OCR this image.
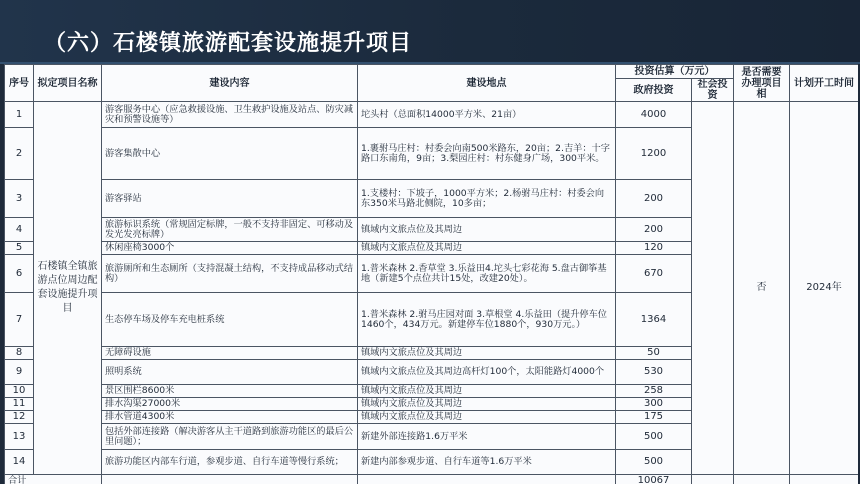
（六）石楼镇旅游配套设施提升项目
序号	拟定项目名称	建设内容	建设地点	投资估算（万元）		是否需要办理项目相	计划开工时间
				政府投资	社会投资		
1	石楼镇全镇旅游点位周边配套设施提升项目	游客服务中心（应急救援设施、卫生救护设施及站点、防灾减灾和预警设施等）	坨头村（总面积14000平方米、21亩）	4000		否	2024年
2		游客集散中心	1.裹驸马庄村：村委会向南500米路东，20亩；2.吉羊：十字路口东南角，9亩；3.梨园庄村：村东健身广场，300平米。	1200			
3		游客驿站	1.支楼村：下坡子，1000平方米；2.杨驸马庄村：村委会向东350米马路北侧院，10多亩；	200			
4		旅游标识系统（常规固定标牌，一般不支持非固定、可移动及发光发亮标牌）	镇域内文旅点位及其周边	200			
5		休闲座椅3000个	镇域内文旅点位及其周边	120			
6		旅游厕所和生态厕所（支持混凝土结构，不支持成品移动式结构）	1.普米森林 2.香草堂 3.乐益田4.坨头七彩花海 5.盘古御筝基地（新建5个点位共计15处，改建20处）。	670			
7		生态停车场及停车充电桩系统	1.普米森林 2.驸马庄园对面 3.草根堂 4.乐益田（提升停车位1460个，434万元。新建停车位1880个，930万元。）	1364			
8		无障碍设施	镇域内文旅点位及其周边	50			
9		照明系统	镇域内文旅点位及其周边高杆灯100个，太阳能路灯4000个	530			
10		景区围栏8600米	镇域内文旅点位及其周边	258			
11		排水沟渠27000米	镇域内文旅点位及其周边	300			
12		排水管道4300米	镇域内文旅点位及其周边	175			
13		包括外部连接路（解决游客从主干道路到旅游功能区的最后公里问题）；	新建外部连接路1.6万平米	500			
14		旅游功能区内部车行道，参观步道、自行车道等慢行系统；	新建内部参观步道、自行车道等1.6万平米	500			
合计				10067			
